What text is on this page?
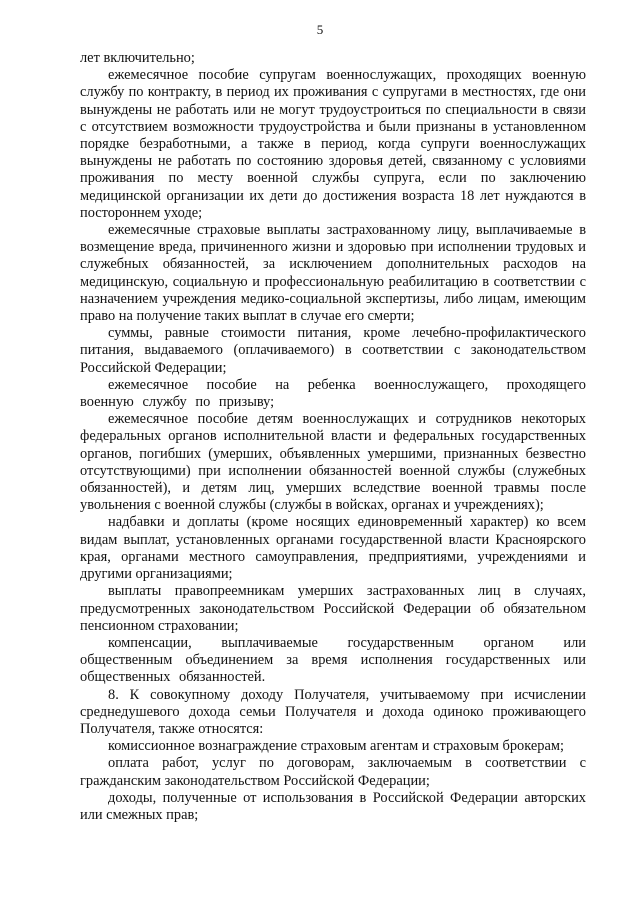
5

лет включительно;

ежемесячное пособие супругам военнослужащих, проходящих военную службу по контракту, в период их проживания с супругами в местностях, где они вынуждены не работать или не могут трудоустроиться по специальности в связи с отсутствием возможности трудоустройства и были признаны в установленном порядке безработными, а также в период, когда супруги военнослужащих вынуждены не работать по состоянию здоровья детей, связанному с условиями проживания по месту военной службы супруга, если по заключению медицинской организации их дети до достижения возраста 18 лет нуждаются в постороннем уходе;

ежемесячные страховые выплаты застрахованному лицу, выплачиваемые в возмещение вреда, причиненного жизни и здоровью при исполнении трудовых и служебных обязанностей, за исключением дополнительных расходов на медицинскую, социальную и профессиональную реабилитацию в соответствии с назначением учреждения медико-социальной экспертизы, либо лицам, имеющим право на получение таких выплат в случае его смерти;

суммы, равные стоимости питания, кроме лечебно-профилактического питания, выдаваемого (оплачиваемого) в соответствии с законодательством Российской Федерации;

ежемесячное пособие на ребенка военнослужащего, проходящего военную службу по призыву;

ежемесячное пособие детям военнослужащих и сотрудников некоторых федеральных органов исполнительной власти и федеральных государственных органов, погибших (умерших, объявленных умершими, признанных безвестно отсутствующими) при исполнении обязанностей военной службы (служебных обязанностей), и детям лиц, умерших вследствие военной травмы после увольнения с военной службы (службы в войсках, органах и учреждениях);

надбавки и доплаты (кроме носящих единовременный характер) ко всем видам выплат, установленных органами государственной власти Красноярского края, органами местного самоуправления, предприятиями, учреждениями и другими организациями;

выплаты правопреемникам умерших застрахованных лиц в случаях, предусмотренных законодательством Российской Федерации об обязательном пенсионном страховании;

компенсации, выплачиваемые государственным органом или общественным объединением за время исполнения государственных или общественных обязанностей.

8. К совокупному доходу Получателя, учитываемому при исчислении среднедушевого дохода семьи Получателя и дохода одиноко проживающего Получателя, также относятся:

комиссионное вознаграждение страховым агентам и страховым брокерам;

оплата работ, услуг по договорам, заключаемым в соответствии с гражданским законодательством Российской Федерации;

доходы, полученные от использования в Российской Федерации авторских или смежных прав;
